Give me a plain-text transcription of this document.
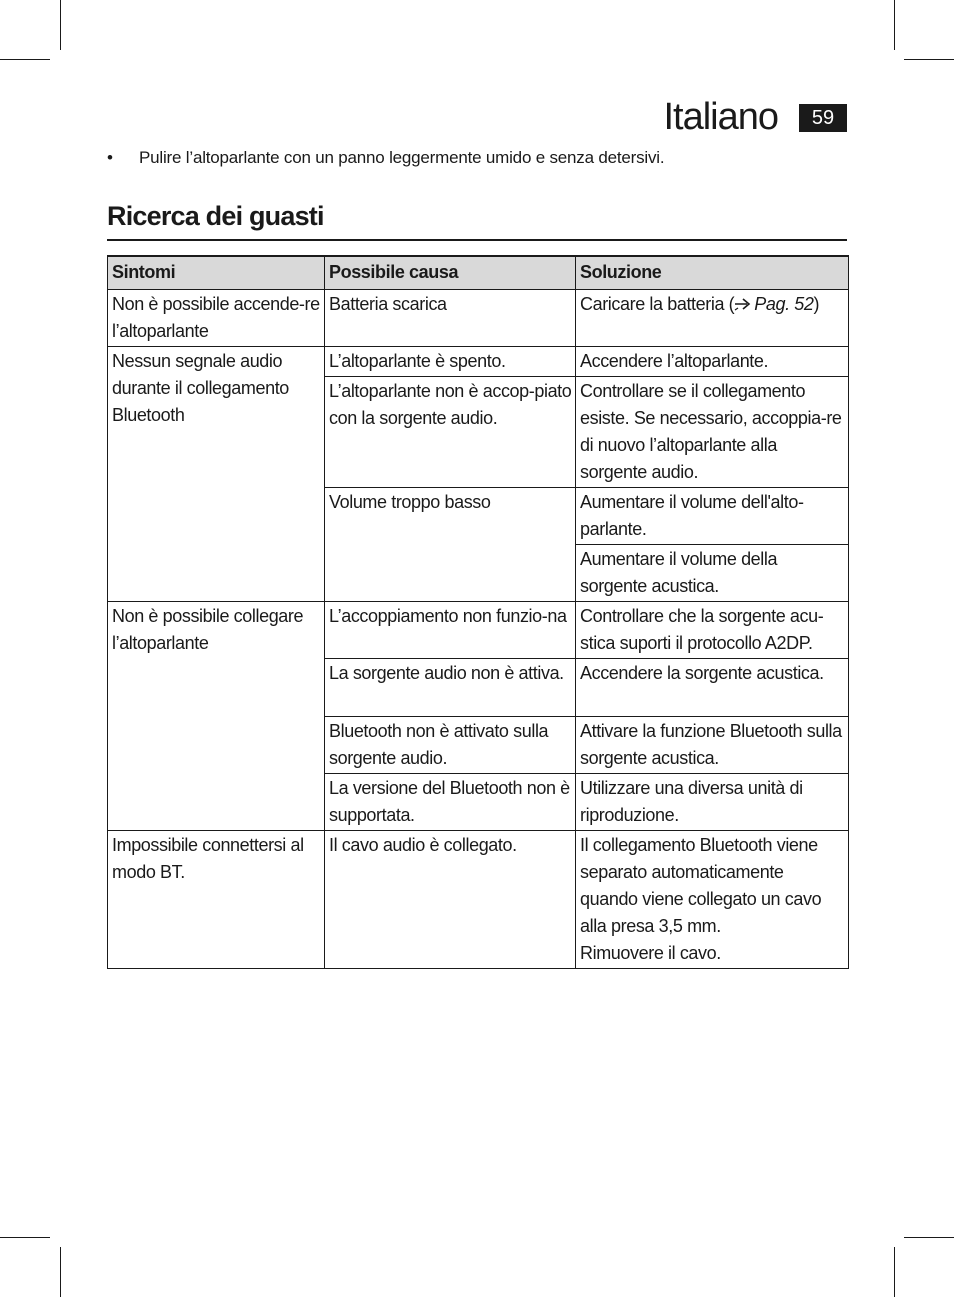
Italiano	59
• Pulire l’altoparlante con un panno leggermente umido e senza detersivi.
Ricerca dei guasti
Sintomi	Possibile causa	Soluzione
Non è possibile accende-re l’altoparlante	Batteria scarica	Caricare la batteria ( Pag. 52)
Nessun segnale audio durante il collegamento Bluetooth	L’altoparlante è spento.	Accendere l’altoparlante.
	L’altoparlante non è accop-piato con la sorgente audio.	Controllare se il collegamento esiste. Se necessario, accoppia-re di nuovo l’altoparlante alla sorgente audio.
	Volume troppo basso	Aumentare il volume dell'alto-parlante.
		Aumentare il volume della sorgente acustica.
Non è possibile collegare l’altoparlante	L’accoppiamento non funzio-na	Controllare che la sorgente acu-stica suporti il protocollo A2DP.
	La sorgente audio non è attiva.	Accendere la sorgente acustica.
	Bluetooth non è attivato sulla sorgente audio.	Attivare la funzione Bluetooth sulla sorgente acustica.
	La versione del Bluetooth non è supportata.	Utilizzare una diversa unità di riproduzione.
Impossibile connettersi al modo BT.	Il cavo audio è collegato.	Il collegamento Bluetooth viene separato automaticamente quando viene collegato un cavo alla presa 3,5 mm.
Rimuovere il cavo.
